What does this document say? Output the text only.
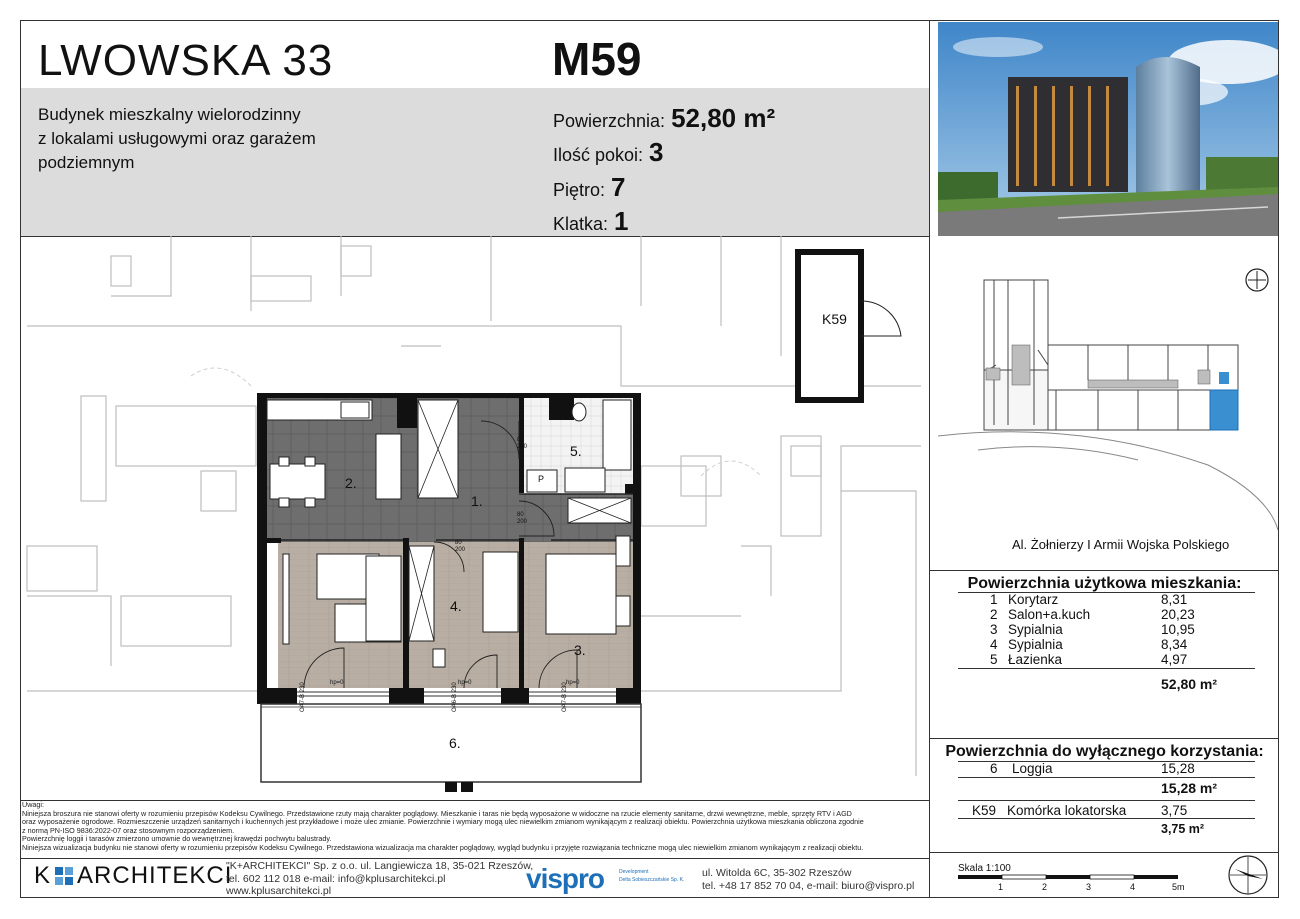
LWOWSKA 33	M59
Budynek mieszkalny wielorodzinny
z lokalami usługowymi oraz garażem
podziemnym
Powierzchnia: 52,80 m²
Ilość pokoi: 3
Piętro: 7
Klatka: 1
Al. Żołnierzy I Armii Wojska Polskiego
Powierzchnia użytkowa mieszkania:
1 Korytarz	8,31
2 Salon+a.kuch	20,23
3 Sypialnia	10,95
4 Sypialnia	8,34
5 Łazienka	4,97
52,80 m²
Powierzchnia do wyłącznego korzystania:
6 Loggia	15,28
15,28 m²
K59 Komórka lokatorska	3,75
3,75 m²
Skala 1:100
1	2	3	4	5m
K59
1.
2.
3.
4.
5.
6.
P
80
200
80
200
80
200
OA7-B 230	OA6-B 230	OA7-B 230
hp=0	hp=0	hp=0
Uwagi:
Niniejsza broszura nie stanowi oferty w rozumieniu przepisów Kodeksu Cywilnego. Przedstawione rzuty mają charakter poglądowy. Mieszkanie i taras nie będą wyposażone w widoczne na rzucie elementy sanitarne, drzwi wewnętrzne, meble, sprzęty RTV i AGD
oraz wyposażenie ogrodowe. Rozmieszczenie urządzeń sanitarnych i kuchennych jest przykładowe i może ulec zmianie. Powierzchnie i wymiary mogą ulec niewielkim zmianom wynikającym z realizacji obiektu. Powierzchnia użytkowa mieszkania obliczona zgodnie
z normą PN-ISO 9836:2022-07 oraz stosownym rozporządzeniem.
Powierzchnię loggii i tarasów zmierzono umownie do wewnętrznej krawędzi pochwytu balustrady.
Niniejsza wizualizacja budynku nie stanowi oferty w rozumieniu przepisów Kodeksu Cywilnego. Przedstawiona wizualizacja ma charakter poglądowy, wygląd budynku i przyjęte rozwiązania techniczne mogą ulec niewielkim zmianom wynikającym z realizacji obiektu.
K ARCHITEKCI
"K+ARCHITEKCI" Sp. z o.o. ul. Langiewicza 18, 35-021 Rzeszów,
tel. 602 112 018 e-mail: info@kplusarchitekci.pl
www.kplusarchitekci.pl	vispro	Development
Delta Sobieszczańskie Sp. K.
ul. Witolda 6C, 35-302 Rzeszów
tel. +48 17 852 70 04, e-mail: biuro@vispro.pl
